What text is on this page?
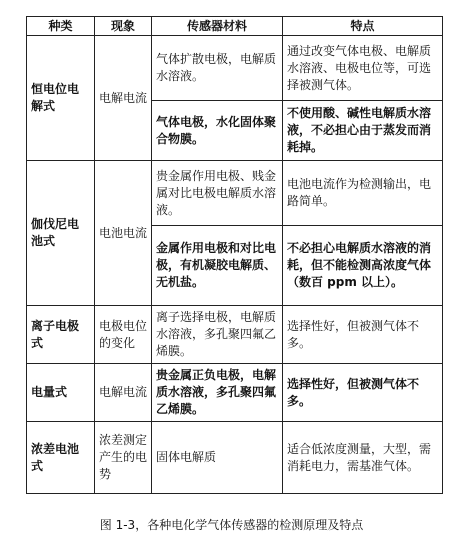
种类	现象	传感器材料	特点
恒电位电解式	电解电流	气体扩散电极，电解质水溶液。	通过改变气体电极、电解质水溶液、电极电位等，可选择被测气体。
		气体电极，水化固体聚合物膜。	不使用酸、碱性电解质水溶液，不必担心由于蒸发而消耗掉。
伽伐尼电池式	电池电流	贵金属作用电极、贱金属对比电极电解质水溶液。	电池电流作为检测输出，电路简单。
		金属作用电极和对比电极，有机凝胶电解质、无机盐。	不必担心电解质水溶液的消耗，但不能检测高浓度气体（数百 ppm 以上）。
离子电极式	电极电位的变化	离子选择电极，电解质水溶液，多孔聚四氟乙烯膜。	选择性好，但被测气体不多。
电量式	电解电流	贵金属正负电极，电解质水溶液，多孔聚四氟乙烯膜。	选择性好，但被测气体不多。
浓差电池式	浓差测定产生的电势	固体电解质	适合低浓度测量，大型，需消耗电力，需基准气体。
图 1-3，各种电化学气体传感器的检测原理及特点
